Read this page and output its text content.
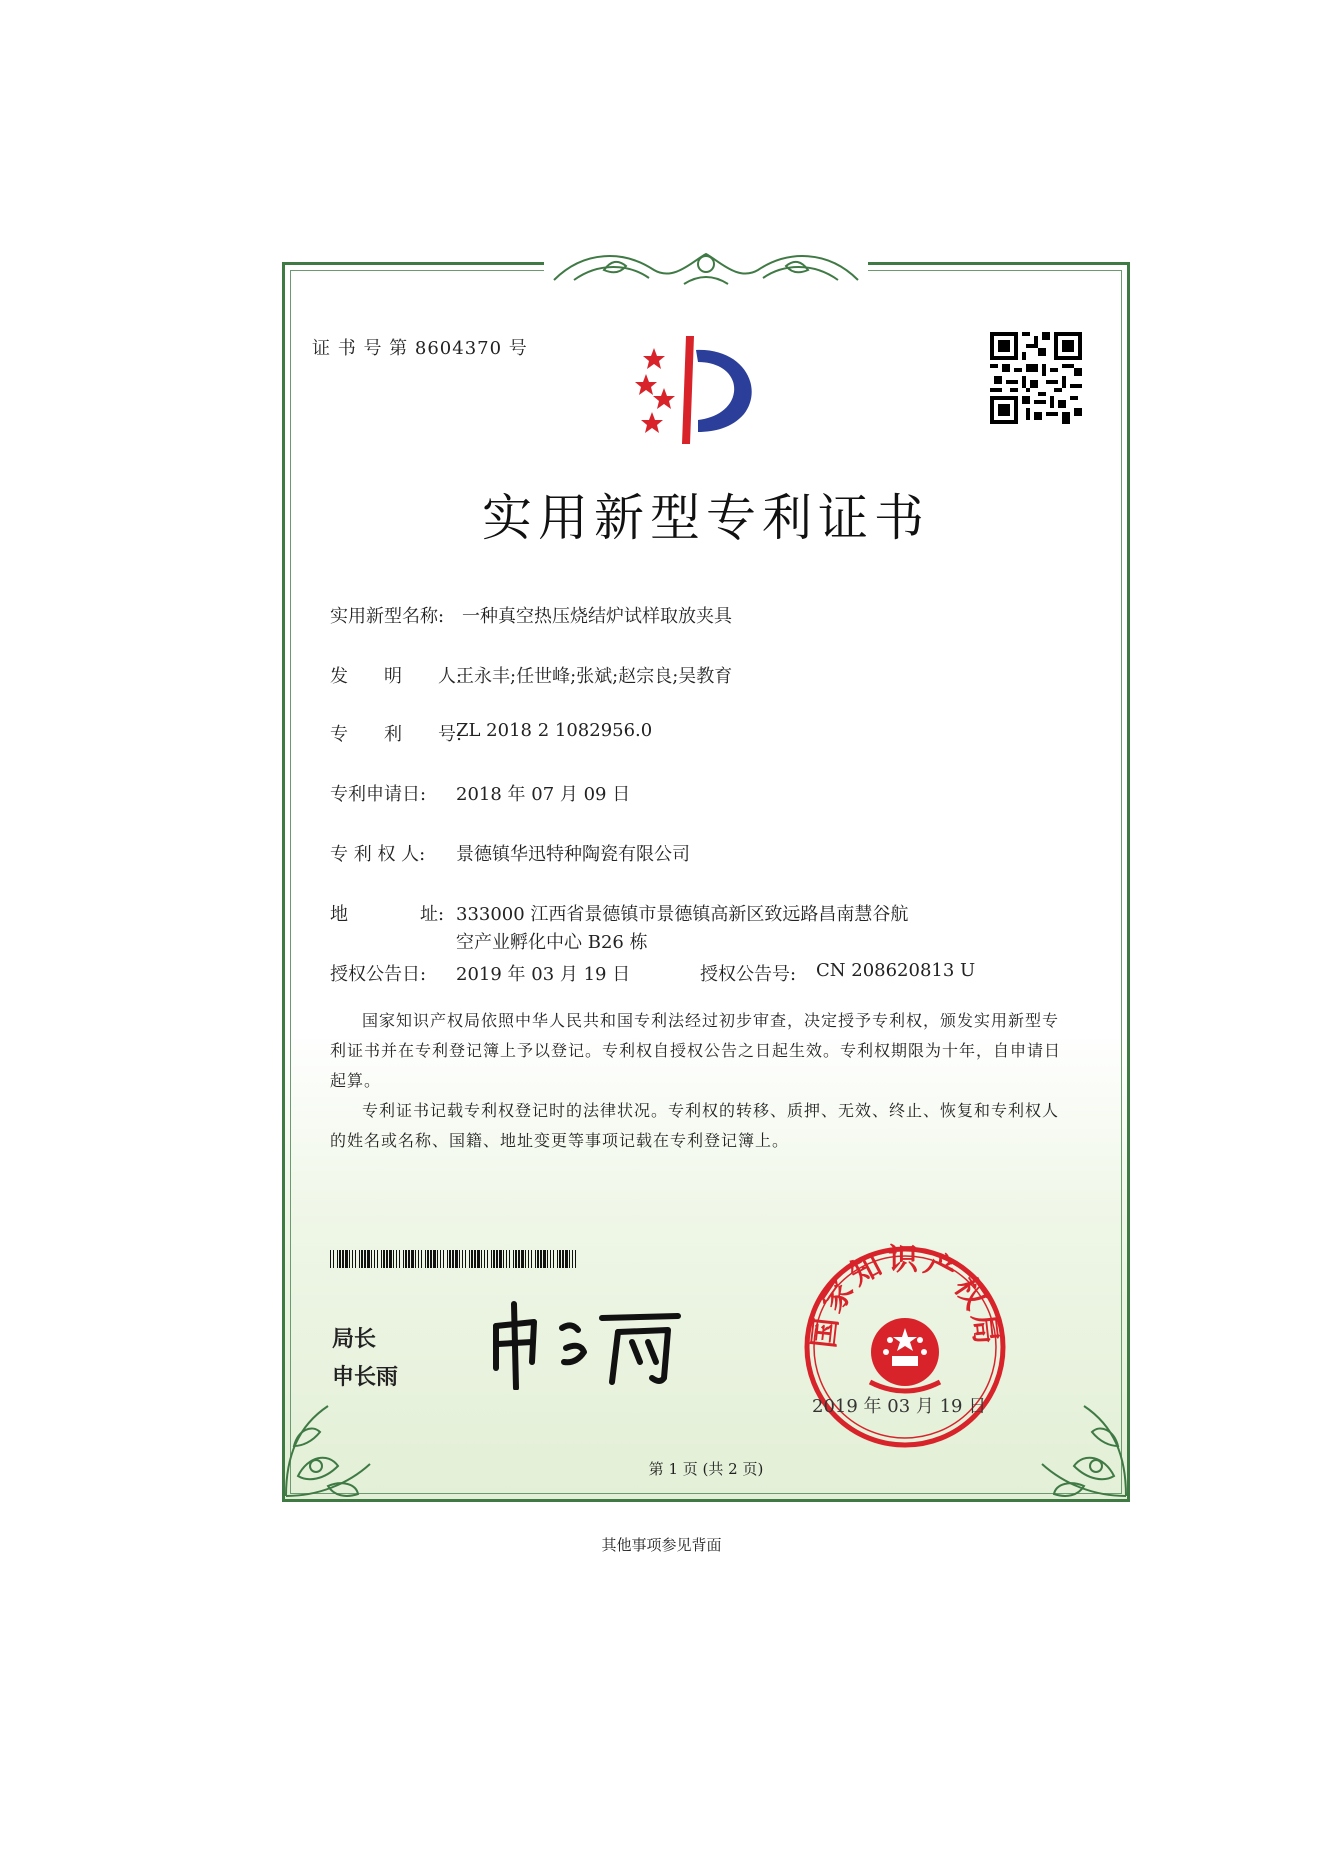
证 书 号 第 8604370 号
实用新型专利证书
实用新型名称: 一种真空热压烧结炉试样取放夹具
发　　明　　人:
王永丰;任世峰;张斌;赵宗良;吴教育
专　　利　　号:
ZL 2018 2 1082956.0
专利申请日: 2018 年 07 月 09 日
专 利 权 人: 景德镇华迅特种陶瓷有限公司
地　　　　址: 333000 江西省景德镇市景德镇高新区致远路昌南慧谷航
空产业孵化中心 B26 栋
授权公告日: 2019 年 03 月 19 日	授权公告号: CN 208620813 U
国家知识产权局依照中华人民共和国专利法经过初步审查，决定授予专利权，颁发实用新型专利证书并在专利登记簿上予以登记。专利权自授权公告之日起生效。专利权期限为十年，自申请日起算。
专利证书记载专利权登记时的法律状况。专利权的转移、质押、无效、终止、恢复和专利权人的姓名或名称、国籍、地址变更等事项记载在专利登记簿上。
局长
申长雨
国家知识产权局
2019 年 03 月 19 日
第 1 页 (共 2 页)
其他事项参见背面
